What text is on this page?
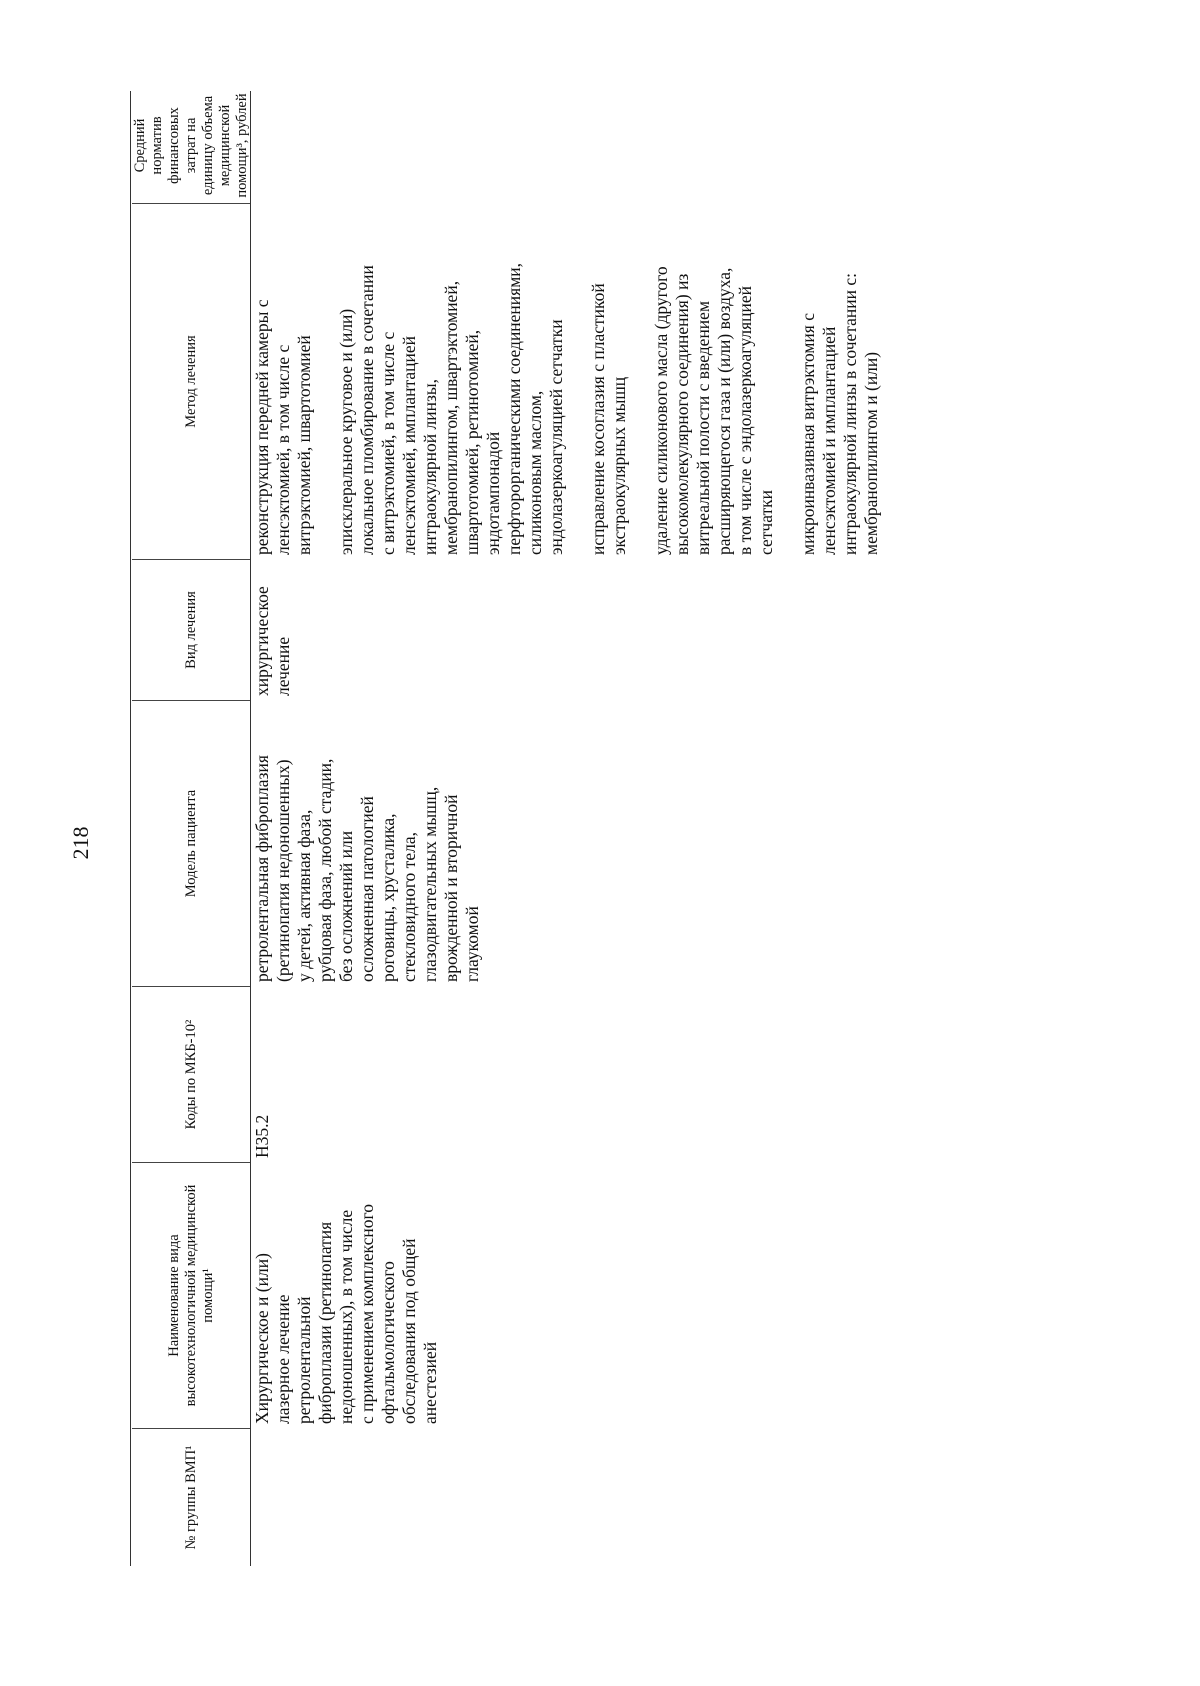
218
№ группы ВМП¹
Наименование вида высокотехнологичной медицинской помощи¹
Коды по МКБ-10²
Модель пациента
Вид лечения
Метод лечения
Средний норматив финансовых затрат на единицу объема медицинской помощи³, рублей
Хирургическое и (или) лазерное лечение ретролентальной фиброплазии (ретинопатия недоношенных), в том числе с применением комплексного офтальмологического обследования под общей анестезией
H35.2
ретролентальная фиброплазия (ретинопатия недоношенных) у детей, активная фаза, рубцовая фаза, любой стадии, без осложнений или осложненная патологией роговицы, хрусталика, стекловидного тела, глазодвигательных мышц, врожденной и вторичной глаукомой
хирургическое лечение
реконструкция передней камеры с ленсэктомией, в том числе с витрэктомией, швартотомией эписклеральное круговое и (или) локальное пломбирование в сочетании с витрэктомией, в том числе с ленсэктомией, имплантацией интраокулярной линзы, мембранопилингом, швартэктомией, швартотомией, ретинотомией, эндотампонадой перфторорганическими соединениями, силиконовым маслом, эндолазеркоагуляцией сетчатки исправление косоглазия с пластикой экстраокулярных мышц удаление силиконового масла (другого высокомолекулярного соединения) из витреальной полости с введением расширяющегося газа и (или) воздуха, в том числе с эндолазеркоагуляцией сетчатки микроинвазивная витрэктомия с ленсэктомией и имплантацией интраокулярной линзы в сочетании с: мембранопилингом и (или)
